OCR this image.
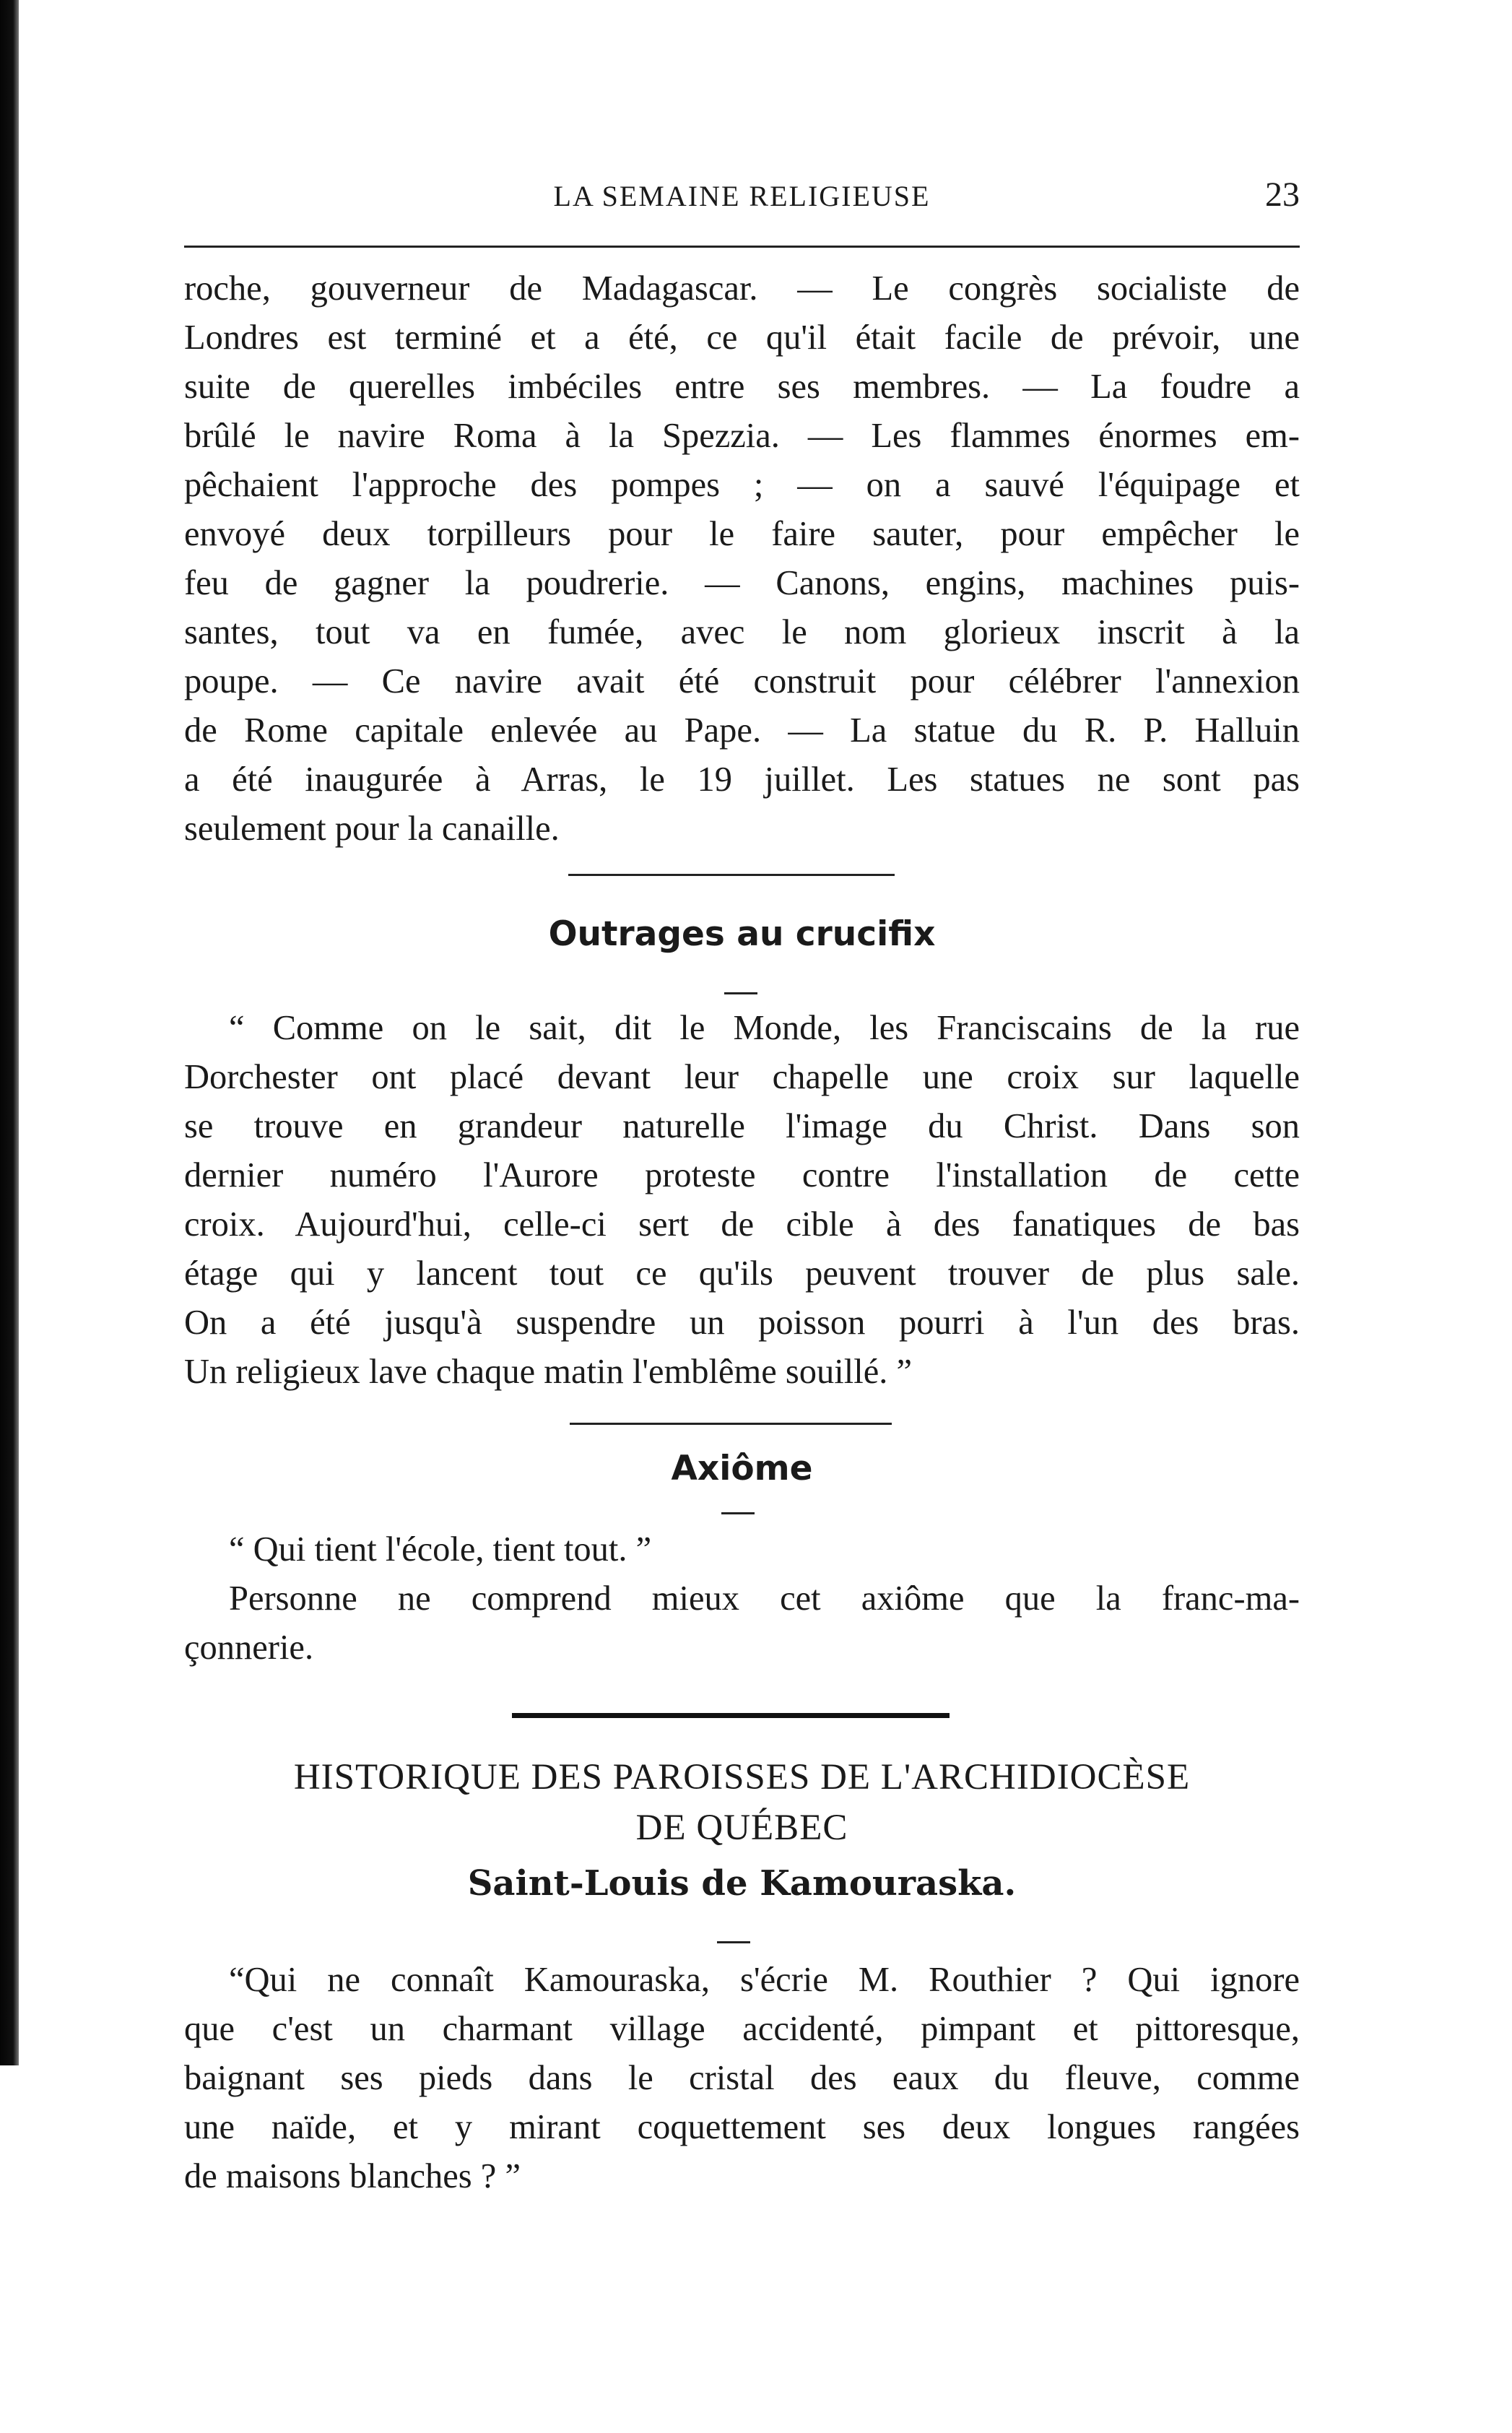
LA SEMAINE RELIGIEUSE	23
roche, gouverneur de Madagascar. — Le congrès socialiste de
Londres est terminé et a été, ce qu'il était facile de prévoir, une
suite de querelles imbéciles entre ses membres. — La foudre a
brûlé le navire Roma à la Spezzia. — Les flammes énormes em-
pêchaient l'approche des pompes ; — on a sauvé l'équipage et
envoyé deux torpilleurs pour le faire sauter, pour empêcher le
feu de gagner la poudrerie. — Canons, engins, machines puis-
santes, tout va en fumée, avec le nom glorieux inscrit à la
poupe. — Ce navire avait été construit pour célébrer l'annexion
de Rome capitale enlevée au Pape. — La statue du R. P. Halluin
a été inaugurée à Arras, le 19 juillet. Les statues ne sont pas
seulement pour la canaille.
Outrages au crucifix
“ Comme on le sait, dit le Monde, les Franciscains de la rue
Dorchester ont placé devant leur chapelle une croix sur laquelle
se trouve en grandeur naturelle l'image du Christ. Dans son
dernier numéro l'Aurore proteste contre l'installation de cette
croix. Aujourd'hui, celle-ci sert de cible à des fanatiques de bas
étage qui y lancent tout ce qu'ils peuvent trouver de plus sale.
On a été jusqu'à suspendre un poisson pourri à l'un des bras.
Un religieux lave chaque matin l'emblême souillé. ”
Axiôme
“ Qui tient l'école, tient tout. ”
Personne ne comprend mieux cet axiôme que la franc-ma-
çonnerie.
HISTORIQUE DES PAROISSES DE L'ARCHIDIOCÈSE
DE QUÉBEC
Saint-Louis de Kamouraska.
“Qui ne connaît Kamouraska, s'écrie M. Routhier ? Qui ignore
que c'est un charmant village accidenté, pimpant et pittoresque,
baignant ses pieds dans le cristal des eaux du fleuve, comme
une naïde, et y mirant coquettement ses deux longues rangées
de maisons blanches ? ”
